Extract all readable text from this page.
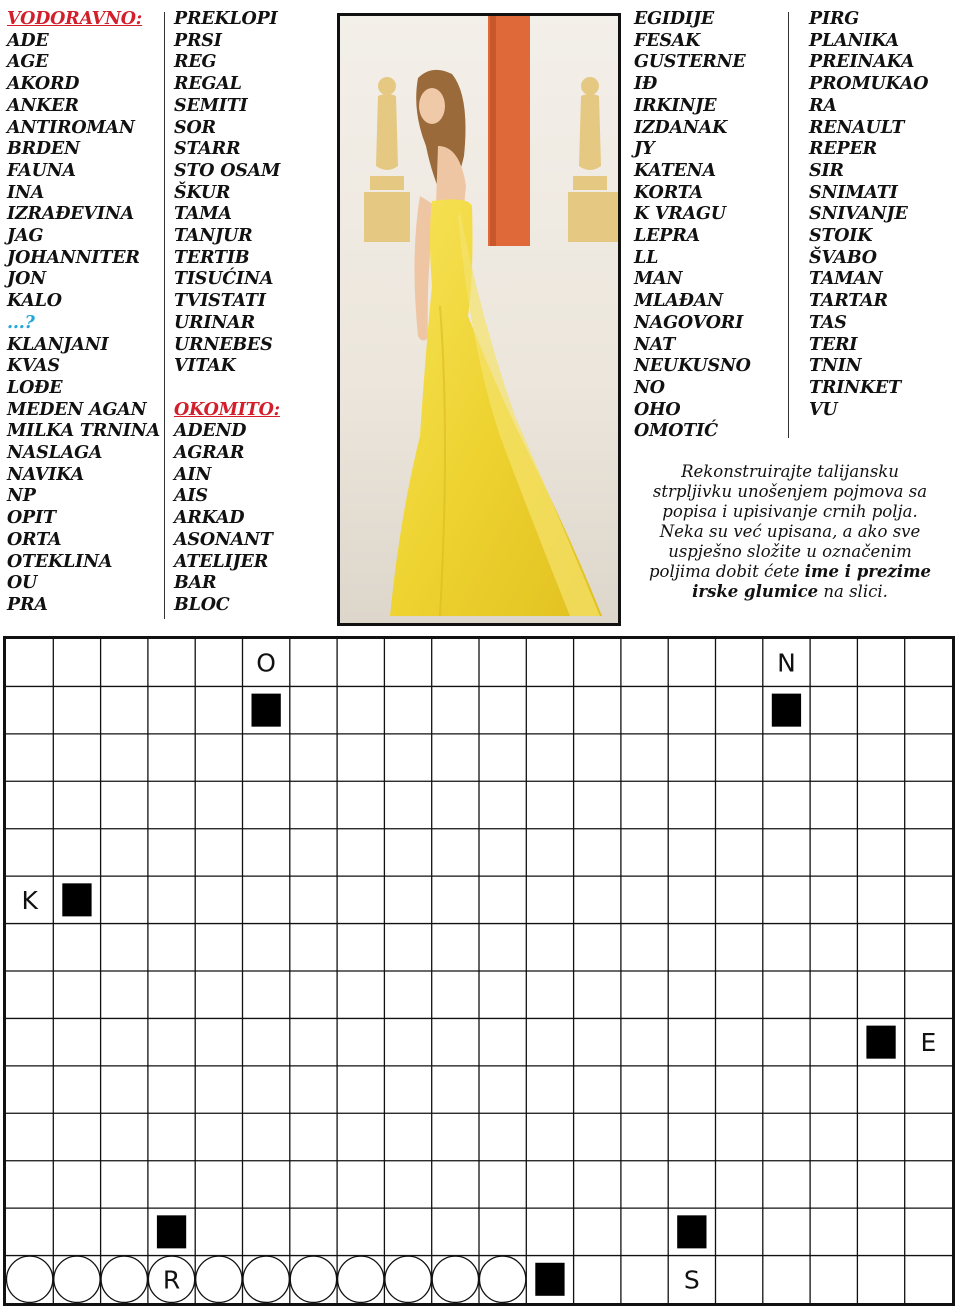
VODORAVNO:
ADE
AGE
AKORD
ANKER
ANTIROMAN
BRDEN
FAUNA
INA
IZRAĐEVINA
JAG
JOHANNITER
JON
KALO
...?
KLANJANI
KVAS
LOĐE
MEDEN AGAN
MILKA TRNINA
NASLAGA
NAVIKA
NP
OPIT
ORTA
OTEKLINA
OU
PRA
PREKLOPI
PRSI
REG
REGAL
SEMITI
SOR
STARR
STO OSAM
ŠKUR
TAMA
TANJUR
TERTIB
TISUĆINA
TVISTATI
URINAR
URNEBES
VITAK
OKOMITO:
ADEND
AGRAR
AIN
AIS
ARKAD
ASONANT
ATELIJER
BAR
BLOC
EGIDIJE
FESAK
GUSTERNE
IĐ
IRKINJE
IZDANAK
JY
KATENA
KORTA
K VRAGU
LEPRA
LL
MAN
MLAĐAN
NAGOVORI
NAT
NEUKUSNO
NO
OHO
OMOTIĆ
PIRG
PLANIKA
PREINAKA
PROMUKAO
RA
RENAULT
REPER
SIR
SNIMATI
SNIVANJE
STOIK
ŠVABO
TAMAN
TARTAR
TAS
TERI
TNIN
TRINKET
VU
Rekonstruirajte talijansku strpljivku unošenjem pojmova sa popisa i upisivanje crnih polja. Neka su već upisana, a ako sve uspješno složite u označenim poljima dobit ćete ime i prezime irske glumice na slici.
O	N
K
E
R	S
